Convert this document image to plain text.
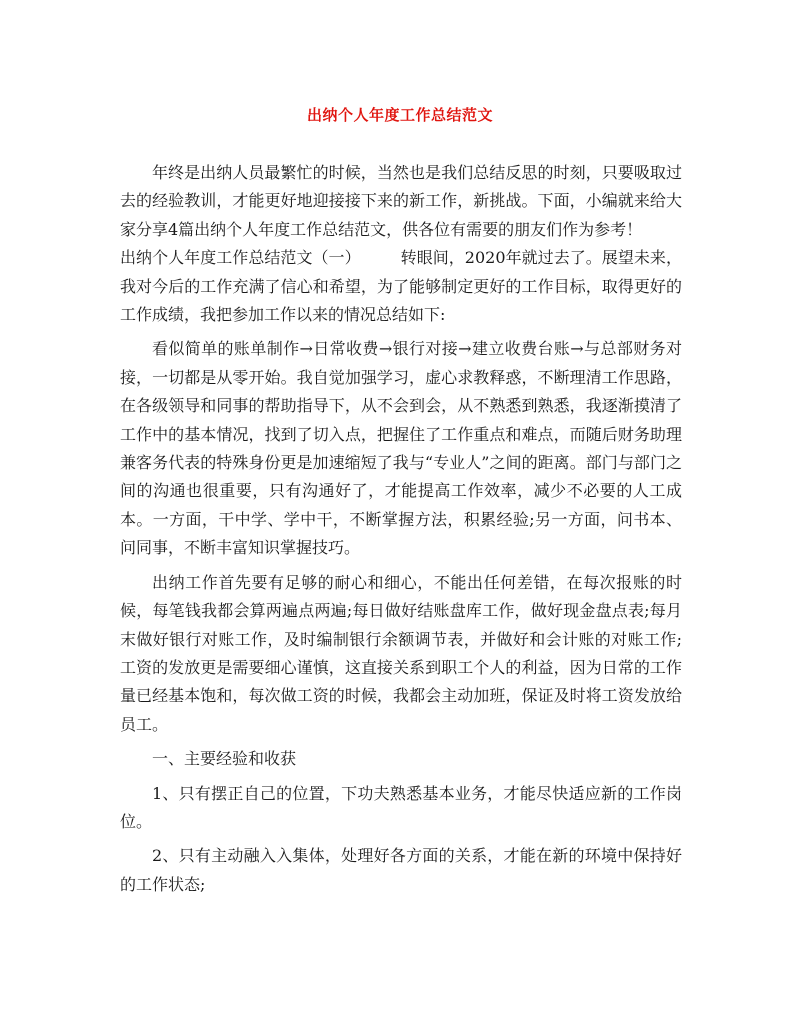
出纳个人年度工作总结范文

年终是出纳人员最繁忙的时候，当然也是我们总结反思的时刻，只要吸取过去的经验教训，才能更好地迎接接下来的新工作，新挑战。下面，小编就来给大家分享4篇出纳个人年度工作总结范文，供各位有需要的朋友们作为参考！

出纳个人年度工作总结范文（一）	转眼间，2020年就过去了。展望未来，我对今后的工作充满了信心和希望，为了能够制定更好的工作目标，取得更好的工作成绩，我把参加工作以来的情况总结如下:

看似简单的账单制作→日常收费→银行对接→建立收费台账→与总部财务对接，一切都是从零开始。我自觉加强学习，虚心求教释惑，不断理清工作思路，在各级领导和同事的帮助指导下，从不会到会，从不熟悉到熟悉，我逐渐摸清了工作中的基本情况，找到了切入点，把握住了工作重点和难点，而随后财务助理兼客务代表的特殊身份更是加速缩短了我与“专业人”之间的距离。部门与部门之间的沟通也很重要，只有沟通好了，才能提高工作效率，减少不必要的人工成本。一方面，干中学、学中干，不断掌握方法，积累经验;另一方面，问书本、问同事，不断丰富知识掌握技巧。

出纳工作首先要有足够的耐心和细心，不能出任何差错，在每次报账的时候，每笔钱我都会算两遍点两遍;每日做好结账盘库工作，做好现金盘点表;每月末做好银行对账工作，及时编制银行余额调节表，并做好和会计账的对账工作;工资的发放更是需要细心谨慎，这直接关系到职工个人的利益，因为日常的工作量已经基本饱和，每次做工资的时候，我都会主动加班，保证及时将工资发放给员工。

一、主要经验和收获

1、只有摆正自己的位置，下功夫熟悉基本业务，才能尽快适应新的工作岗位。

2、只有主动融入入集体，处理好各方面的关系，才能在新的环境中保持好的工作状态;
